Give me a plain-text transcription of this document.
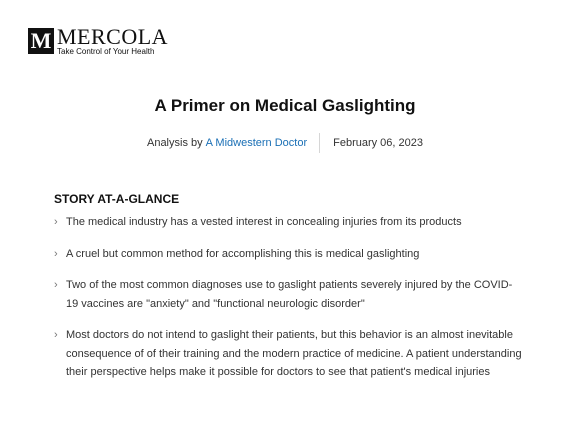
M MERCOLA
Take Control of Your Health
A Primer on Medical Gaslighting
Analysis by A Midwestern Doctor February 06, 2023
STORY AT-A-GLANCE
› The medical industry has a vested interest in concealing injuries from its products
› A cruel but common method for accomplishing this is medical gaslighting
› Two of the most common diagnoses use to gaslight patients severely injured by the COVID-19 vaccines are "anxiety" and "functional neurologic disorder"
› Most doctors do not intend to gaslight their patients, but this behavior is an almost inevitable consequence of of their training and the modern practice of medicine. A patient understanding their perspective helps make it possible for doctors to see that patient's medical injuries
